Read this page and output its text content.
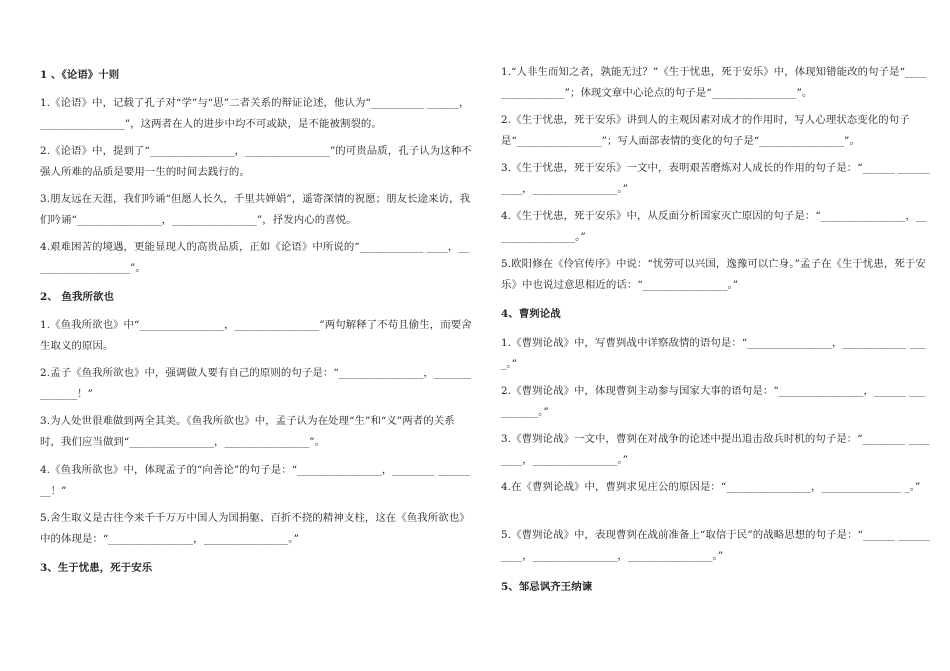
1 、《论语》十则

1.《论语》中，记载了孔子对“学”与“思”二者关系的辩证论述，他认为“__________ ______，________________”，这两者在人的进步中均不可或缺，是不能被割裂的。

2.《论语》中，提到了“________________，________________”的可贵品质，孔子认为这种不强人所难的品质是要用一生的时间去践行的。

3.朋友远在天涯，我们吟诵“但愿人长久，千里共婵娟”，遥寄深情的祝愿；朋友长途来访，我们吟诵“________________，________________”，抒发内心的喜悦。

4.艰难困苦的境遇，更能显现人的高贵品质，正如《论语》中所说的“____________ ____，___________________”。

2、 鱼我所欲也

1.《鱼我所欲也》中“________________，________________”两句解释了不苟且偷生，而要舍生取义的原因。

2.孟子《鱼我所欲也》中，强调做人要有自己的原则的句子是：“________________，______________！”

3.为人处世很难做到两全其美。《鱼我所欲也》中，孟子认为在处理“生”和“义”两者的关系时，我们应当做到“________________，________________”。

4.《鱼我所欲也》中，体现孟子的“向善论”的句子是：“________________，________ ________！”

5.舍生取义是古往今来千千万万中国人为国捐躯、百折不挠的精神支柱，这在《鱼我所欲也》中的体现是：“________________，________________。”

3、生于忧患，死于安乐

1.“人非生而知之者，孰能无过？”《生于忧患，死于安乐》中，体现知错能改的句子是“________________”；体现文章中心论点的句子是“________________”。

2.《生于忧患，死于安乐》讲到人的主观因素对成才的作用时，写人心理状态变化的句子是“________________”；写人面部表情的变化的句子是“________________”。

3.《生于忧患，死于安乐》一文中，表明艰苦磨炼对人成长的作用的句子是：“______ __________，________________。”

4.《生于忧患，死于安乐》中，从反面分析国家灭亡原因的句子是：“________________，________________。”

5.欧阳修在《伶官传序》中说：“忧劳可以兴国，逸豫可以亡身。”孟子在《生于忧患，死于安乐》中也说过意思相近的话：“________________。”

4、曹刿论战

1.《曹刿论战》中，写曹刿战中详察敌情的语句是：“________________，____________ ____。”

2.《曹刿论战》中，体现曹刿主动参与国家大事的语句是：“________________，______ __________。”

3.《曹刿论战》一文中，曹刿在对战争的论述中提出追击敌兵时机的句子是：“________ ________，________________。”

4.在《曹刿论战》中，曹刿求见庄公的原因是：“________________，_______________ _。”

5.《曹刿论战》中，表现曹刿在战前准备上“取信于民”的战略思想的句子是：“______ __________，________________，________________。”

5、邹忌讽齐王纳谏
